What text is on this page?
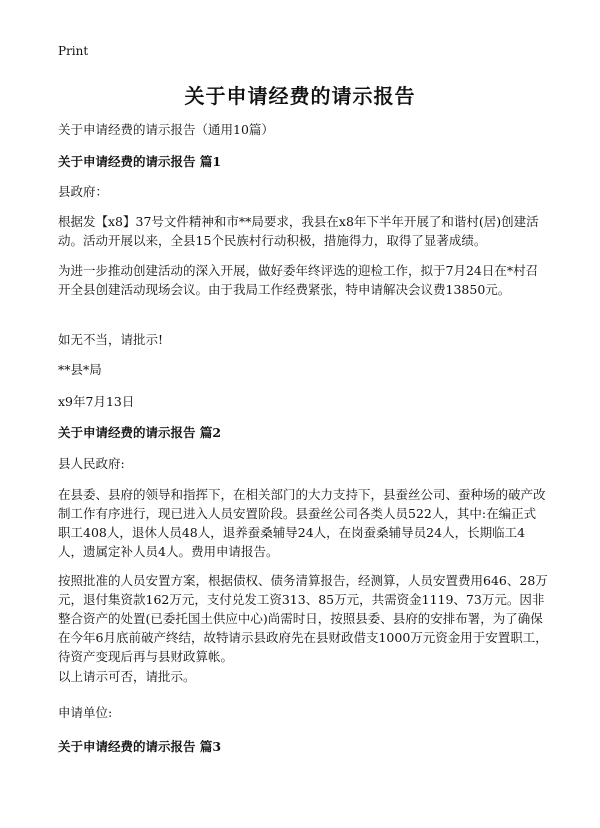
Print
关于申请经费的请示报告
关于申请经费的请示报告（通用10篇）
关于申请经费的请示报告 篇1
县政府：
根据发【x8】37号文件精神和市**局要求，我县在x8年下半年开展了和谐村(居)创建活动。活动开展以来，全县15个民族村行动积极，措施得力，取得了显著成绩。
为进一步推动创建活动的深入开展，做好委年终评选的迎检工作，拟于7月24日在*村召开全县创建活动现场会议。由于我局工作经费紧张，特申请解决会议费13850元。
如无不当，请批示!
**县*局
x9年7月13日
关于申请经费的请示报告 篇2
县人民政府:
在县委、县府的领导和指挥下，在相关部门的大力支持下，县蚕丝公司、蚕种场的破产改制工作有序进行，现已进入人员安置阶段。县蚕丝公司各类人员522人，其中:在编正式职工408人，退休人员48人，退养蚕桑辅导24人，在岗蚕桑辅导员24人，长期临工4人，遗属定补人员4人。费用申请报告。
按照批准的人员安置方案，根据债权、债务清算报告，经测算，人员安置费用646、28万元，退付集资款162万元，支付兑发工资313、85万元，共需资金1119、73万元。因非整合资产的处置(已委托国土供应中心)尚需时日，按照县委、县府的安排布署，为了确保在今年6月底前破产终结，故特请示县政府先在县财政借支1000万元资金用于安置职工，待资产变现后再与县财政算帐。
以上请示可否，请批示。
申请单位:
关于申请经费的请示报告 篇3
